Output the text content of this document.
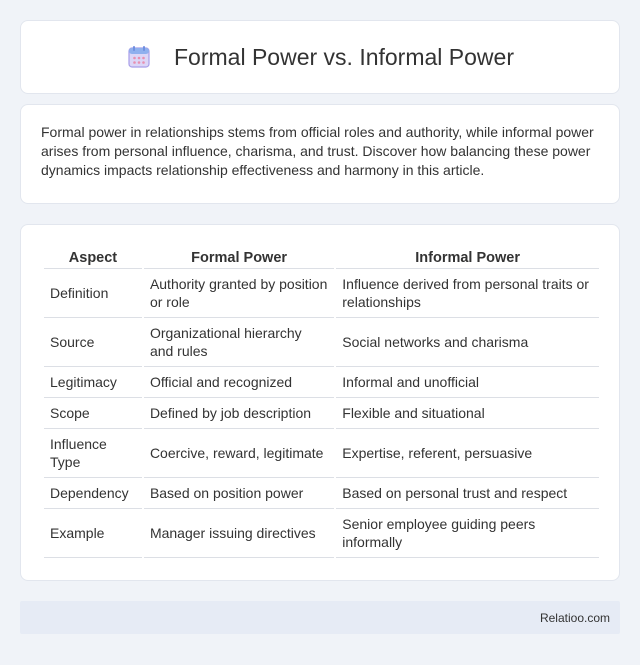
Formal Power vs. Informal Power

Formal power in relationships stems from official roles and authority, while informal power arises from personal influence, charisma, and trust. Discover how balancing these power dynamics impacts relationship effectiveness and harmony in this article.

Aspect	Formal Power	Informal Power
Definition	Authority granted by position or role	Influence derived from personal traits or relationships
Source	Organizational hierarchy and rules	Social networks and charisma
Legitimacy	Official and recognized	Informal and unofficial
Scope	Defined by job description	Flexible and situational
Influence Type	Coercive, reward, legitimate	Expertise, referent, persuasive
Dependency	Based on position power	Based on personal trust and respect
Example	Manager issuing directives	Senior employee guiding peers informally
Relatioo.com
